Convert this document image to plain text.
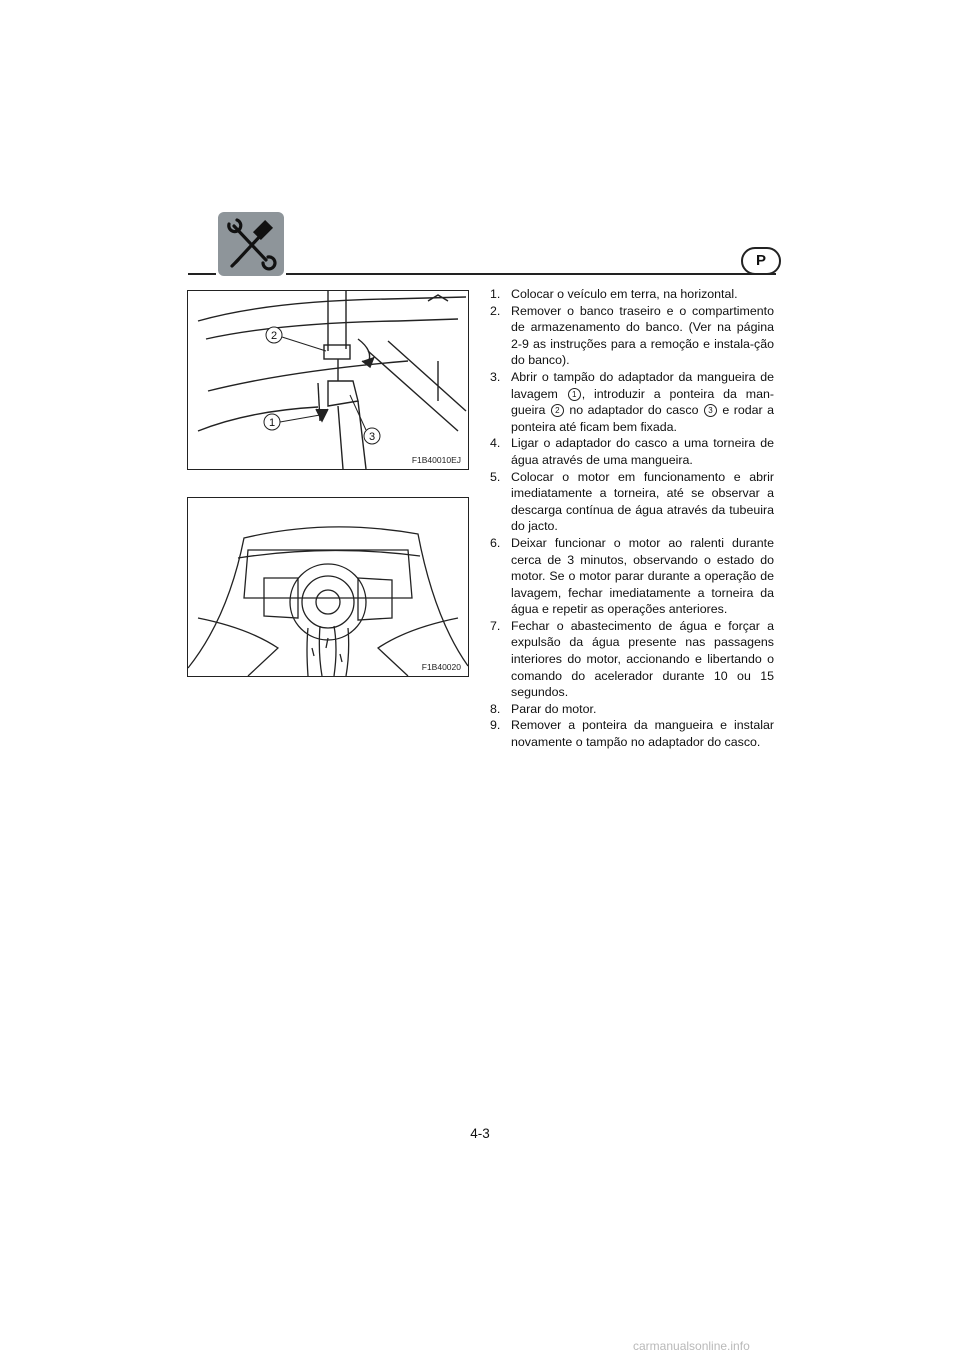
P
2
1
3
F1B40010EJ
F1B40020
1. Colocar o veículo em terra, na horizontal.
2. Remover o banco traseiro e o compartimento de armazenamento do banco. (Ver na página 2-9 as instruções para a remoção e instala-ção do banco).
3. Abrir o tampão do adaptador da mangueira de lavagem 1 , introduzir a ponteira da man-gueira 2 no adaptador do casco 3 e rodar a ponteira até ficam bem fixada.
4. Ligar o adaptador do casco a uma torneira de água através de uma mangueira.
5. Colocar o motor em funcionamento e abrir imediatamente a torneira, até se observar a descarga contínua de água através da tubeuira do jacto.
6. Deixar funcionar o motor ao ralenti durante cerca de 3 minutos, observando o estado do motor. Se o motor parar durante a operação de lavagem, fechar imediatamente a torneira da água e repetir as operações anteriores.
7. Fechar o abastecimento de água e forçar a expulsão da água presente nas passagens interiores do motor, accionando e libertando o comando do acelerador durante 10 ou 15 segundos.
8. Parar do motor.
9. Remover a ponteira da mangueira e instalar novamente o tampão no adaptador do casco.
4-3
carmanualsonline.info
